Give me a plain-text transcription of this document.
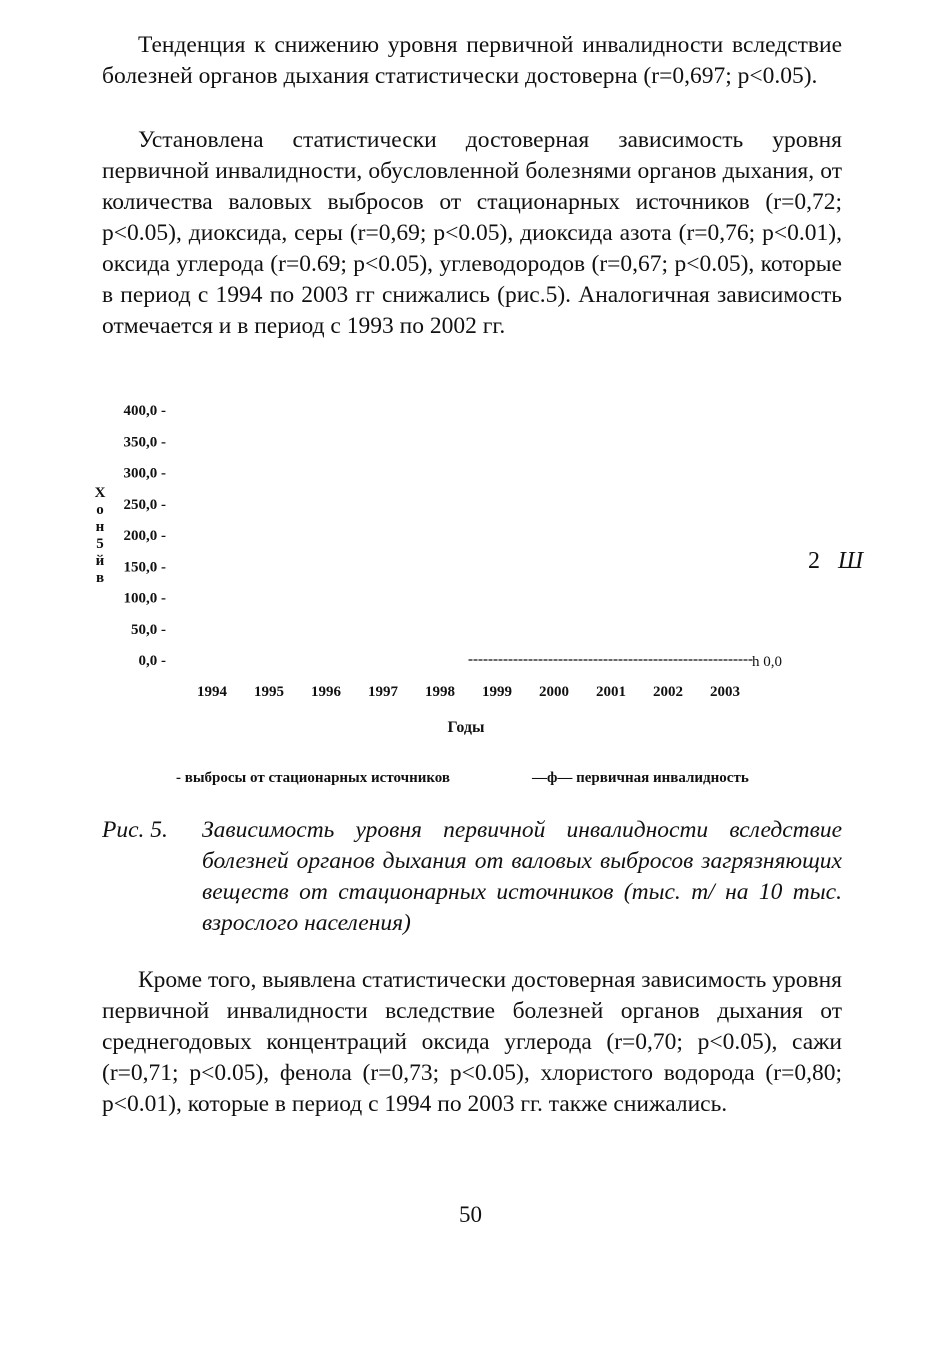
Тенденция к снижению уровня первичной инвалидности вследствие болезней органов дыхания статистически достоверна (r=0,697; p<0.05).

Установлена статистически достоверная зависимость уровня первичной инвалидности, обусловленной болезнями органов дыхания, от количества валовых выбросов от стационарных источников (r=0,72; p<0.05), диоксида, серы (r=0,69; p<0.05), диоксида азота (r=0,76; p<0.01), оксида углерода (r=0.69; p<0.05), углеводородов (r=0,67; p<0.05), которые в период с 1994 по 2003 гг снижались (рис.5). Аналогичная зависимость отмечается и в период с 1993 по 2002 гг.

400,0 -
350,0 -
300,0 -
250,0 -
200,0 -
150,0 -
100,0 -
50,0 -
0,0 -
Х
о
н
5
й
в
1994 1995 1996 1997 1998 1999 2000 2001 2002 2003
h 0,0
Годы
2 Ш
- выбросы от стационарных источников	—ф— первичная инвалидность
Рис. 5. Зависимость уровня первичной инвалидности вследствие болезней органов дыхания от валовых выбросов загрязняющих веществ от стационарных источников (тыс. т/ на 10 тыс. взрослого населения)

Кроме того, выявлена статистически достоверная зависимость уровня первичной инвалидности вследствие болезней органов дыхания от среднегодовых концентраций оксида углерода (r=0,70; p<0.05), сажи (r=0,71; p<0.05), фенола (r=0,73; p<0.05), хлористого водорода (r=0,80; p<0.01), которые в период с 1994 по 2003 гг. также снижались.

50
